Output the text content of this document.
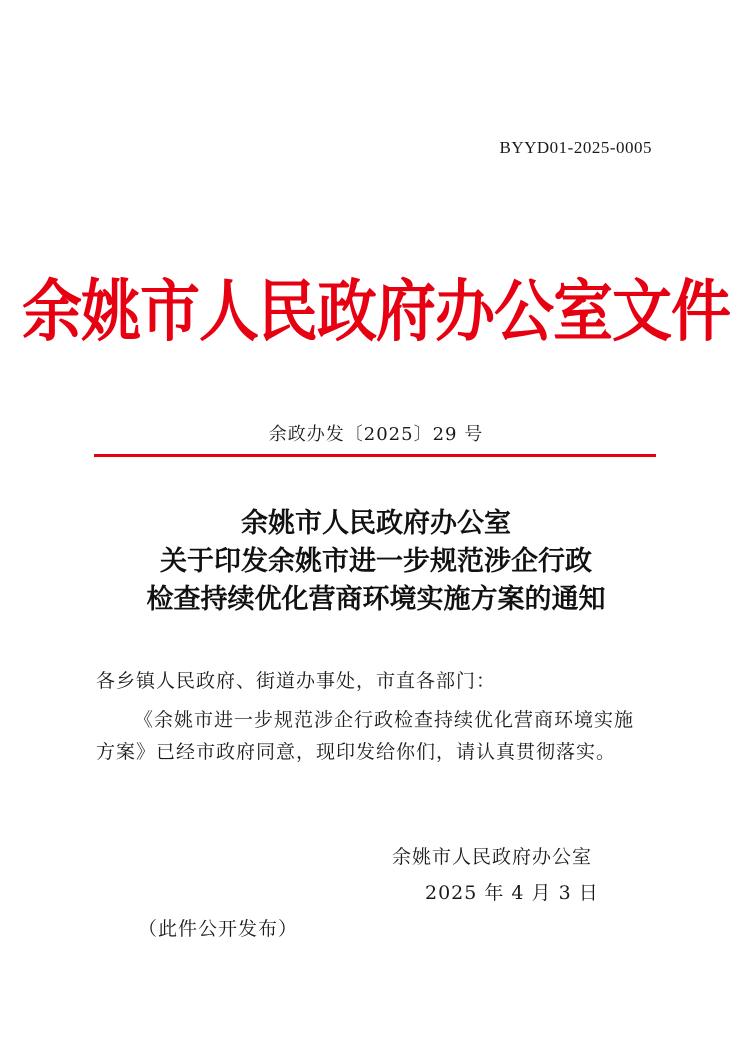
BYYD01-2025-0005
余姚市人民政府办公室文件
余政办发〔2025〕29 号
余姚市人民政府办公室
关于印发余姚市进一步规范涉企行政
检查持续优化营商环境实施方案的通知
各乡镇人民政府、街道办事处，市直各部门：
《余姚市进一步规范涉企行政检查持续优化营商环境实施
方案》已经市政府同意，现印发给你们，请认真贯彻落实。
余姚市人民政府办公室
2025 年 4 月 3 日
（此件公开发布）
